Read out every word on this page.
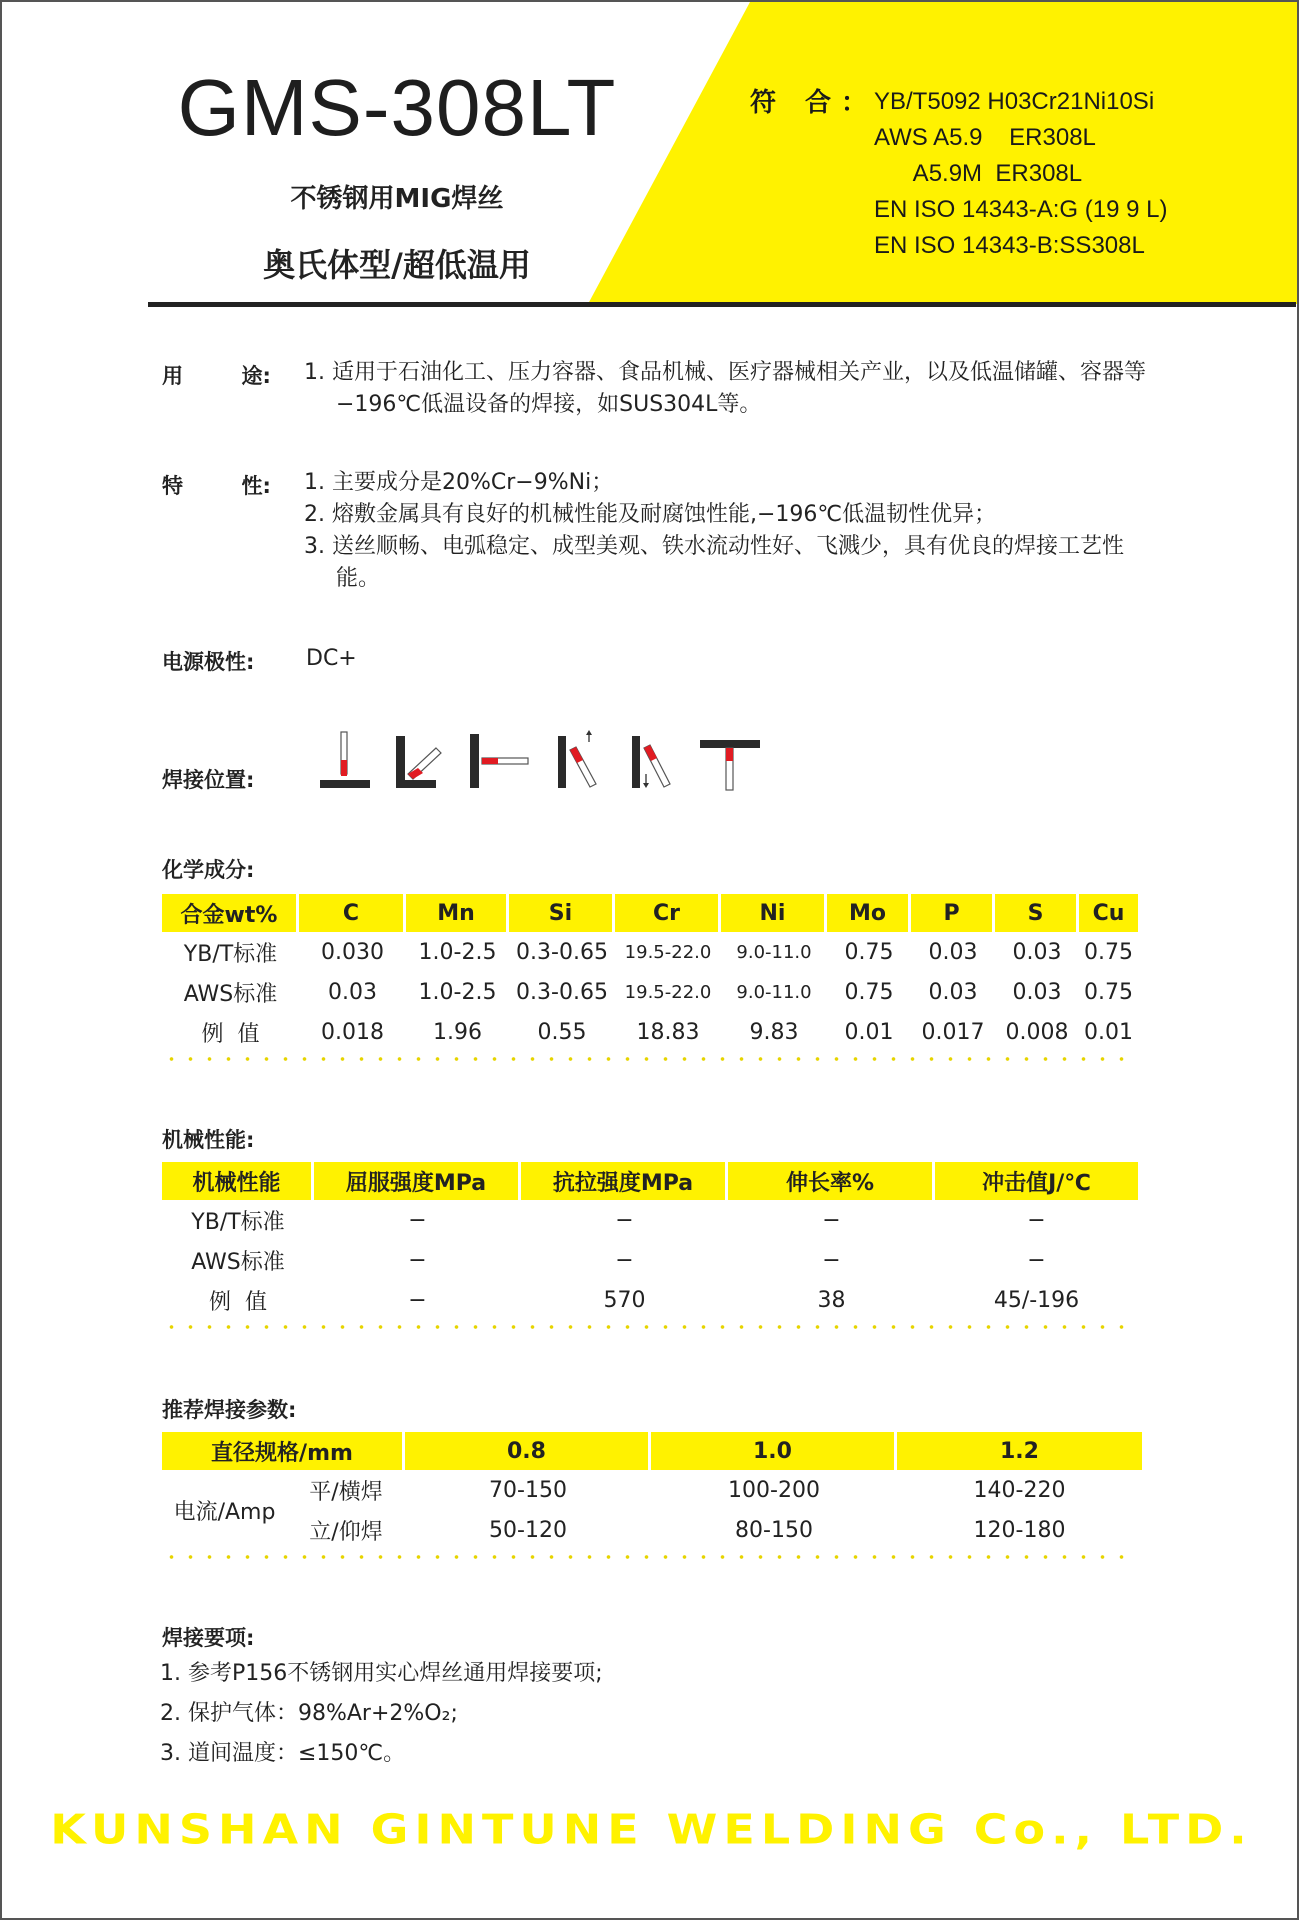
GMS-308LT
不锈钢用MIG焊丝
奥氏体型/超低温用
符 合：
YB/T5092 H03Cr21Ni10Si
AWS A5.9    ER308L
A5.9M  ER308L
EN ISO 14343-A:G (19 9 L)
EN ISO 14343-B:SS308L
用        途: 1. 适用于石油化工、压力容器、食品机械、医疗器械相关产业，以及低温储罐、容器等−196℃低温设备的焊接，如SUS304L等。
特        性: 1. 主要成分是20%Cr−9%Ni；
2. 熔敷金属具有良好的机械性能及耐腐蚀性能,−196℃低温韧性优异；
3. 送丝顺畅、电弧稳定、成型美观、铁水流动性好、飞溅少，具有优良的焊接工艺性能。
电源极性: DC+
焊接位置:
化学成分:
合金wt%	C	Mn	Si	Cr	Ni	Mo	P	S	Cu
YB/T标准	0.030	1.0-2.5	0.3-0.65	19.5-22.0	9.0-11.0	0.75	0.03	0.03	0.75
AWS标准	0.03	1.0-2.5	0.3-0.65	19.5-22.0	9.0-11.0	0.75	0.03	0.03	0.75
例  值	0.018	1.96	0.55	18.83	9.83	0.01	0.017	0.008	0.01
机械性能:
机械性能	屈服强度MPa	抗拉强度MPa	伸长率%	冲击值J/℃
YB/T标准	−	−	−	−
AWS标准	−	−	−	−
例  值	−	570	38	45/-196
推荐焊接参数:
直径规格/mm		0.8	1.0	1.2
电流/Amp	平/横焊	70-150	100-200	140-220
	立/仰焊	50-120	80-150	120-180
焊接要项:
1. 参考P156不锈钢用实心焊丝通用焊接要项;
2. 保护气体：98%Ar+2%O₂;
3. 道间温度：≤150℃。
KUNSHAN GINTUNE WELDING Co., LTD.
